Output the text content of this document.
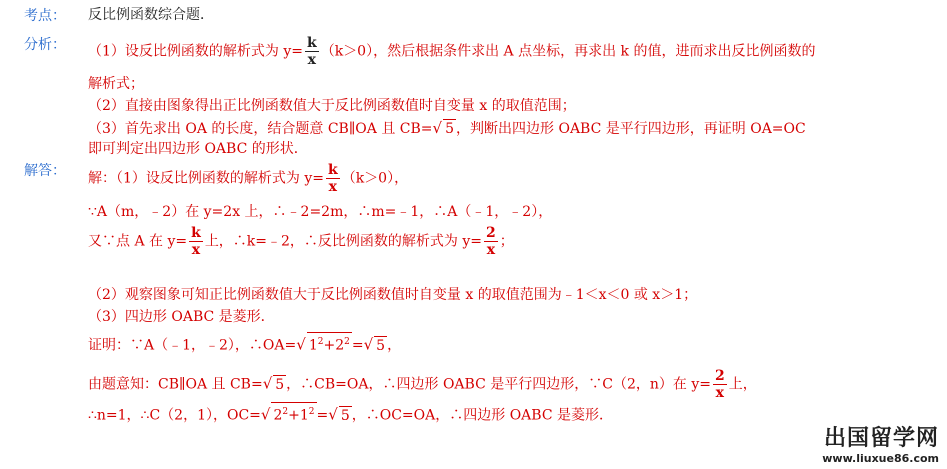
考点：
分析：
解答：
反比例函数综合题．
（1）设反比例函数的解析式为 $y= \frac{k}{x} (k>0)$，然后根据条件求出 A 点坐标，再求出 k 的值，进而求出反比例函数的
解析式；
（2）直接由图象得出正比例函数值大于反比例函数值时自变量 x 的取值范围；
（3）首先求出 OA 的长度，结合题意 CB∥OA 且 CB=√ 5 ，判断出四边形 OABC 是平行四边形，再证明 OA=OC
即可判定出四边形 OABC 的形状．
解：（1）设反比例函数的解析式为 $y= \frac{k}{x} (k>0)$，
∵A（m，﹣2）在 y=2x 上，∴﹣2=2m，∴m=﹣1，∴A（﹣1，﹣2），
又∵点 A 在 $y= \frac{k}{x}$ 上，∴k=﹣2，∴反比例函数的解析式为 $y= \frac{2}{x}$ ；
（2）观察图象可知正比例函数值大于反比例函数值时自变量 x 的取值范围为﹣1＜x＜0 或 x＞1；
（3）四边形 OABC 是菱形．
证明：∵A（﹣1，﹣2），∴OA=√ $1^2+2^2$ =√ 5 ，
由题意知：CB∥OA 且 CB=√ 5 ，∴CB=OA，∴四边形 OABC 是平行四边形，∵C（2，n）在 $y= \frac{2}{x}$ 上，
∴n=1，∴C（2，1），OC=√ $2^2+1^2$ =√ 5 ，∴OC=OA，∴四边形 OABC 是菱形．
出国留学网
www.liuxue86.com
